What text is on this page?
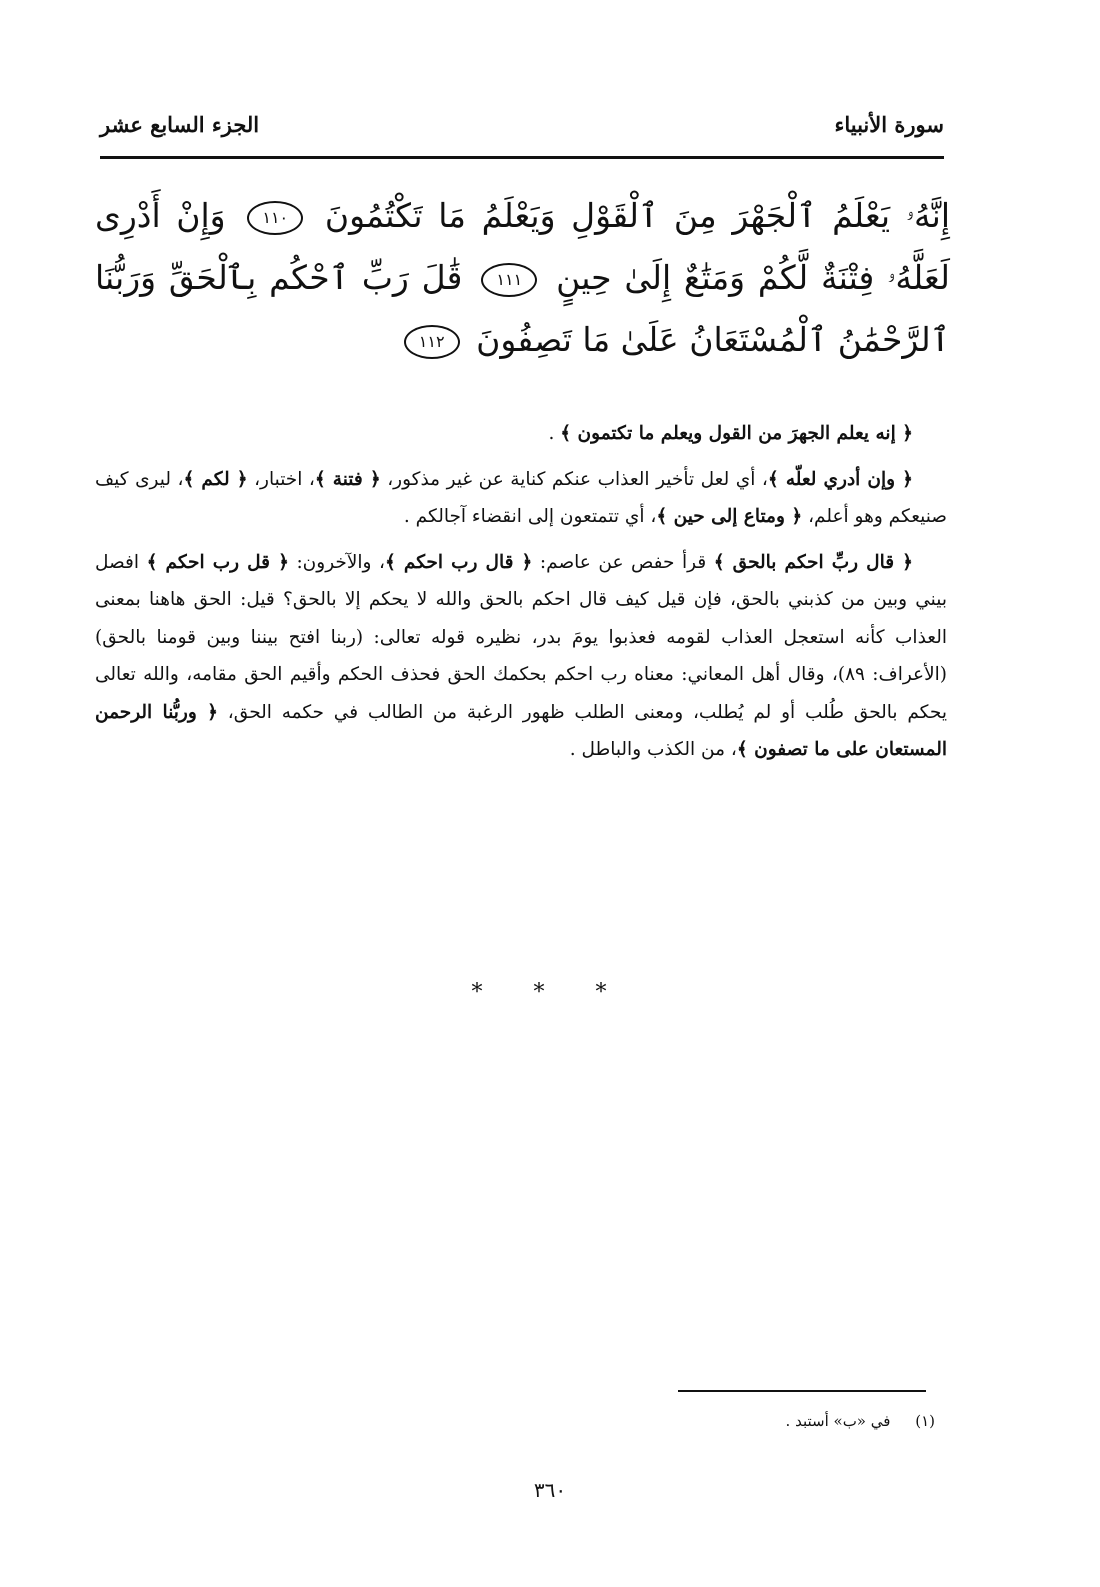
سورة الأنبياء
الجزء السابع عشر
إِنَّهُۥ يَعْلَمُ ٱلْجَهْرَ مِنَ ٱلْقَوْلِ وَيَعْلَمُ مَا تَكْتُمُونَ ١١٠ وَإِنْ أَدْرِى لَعَلَّهُۥ فِتْنَةٌ لَّكُمْ وَمَتَٰعٌ إِلَىٰ حِينٍ ١١١ قَٰلَ رَبِّ ٱحْكُم بِٱلْحَقِّ وَرَبُّنَا ٱلرَّحْمَٰنُ ٱلْمُسْتَعَانُ عَلَىٰ مَا تَصِفُونَ ١١٢

﴿ إنه يعلم الجهرَ من القول ويعلم ما تكتمون ﴾ .

﴿ وإن أدري لعلّه ﴾، أي لعل تأخير العذاب عنكم كناية عن غير مذكور، ﴿ فتنة ﴾، اختبار، ﴿ لكم ﴾، ليرى كيف صنيعكم وهو أعلم، ﴿ ومتاع إلى حين ﴾، أي تتمتعون إلى انقضاء آجالكم .

﴿ قال ربِّ احكم بالحق ﴾ قرأ حفص عن عاصم: ﴿ قال رب احكم ﴾، والآخرون: ﴿ قل رب احكم ﴾ افصل بيني وبين من كذبني بالحق، فإن قيل كيف قال احكم بالحق والله لا يحكم إلا بالحق؟ قيل: الحق هاهنا بمعنى العذاب كأنه استعجل العذاب لقومه فعذبوا يومَ بدر، نظيره قوله تعالى: (ربنا افتح بيننا وبين قومنا بالحق) (الأعراف: ٨٩)، وقال أهل المعاني: معناه رب احكم بحكمك الحق فحذف الحكم وأقيم الحق مقامه، والله تعالى يحكم بالحق طُلب أو لم يُطلب، ومعنى الطلب ظهور الرغبة من الطالب في حكمه الحق، ﴿ وربُّنا الرحمن المستعان على ما تصفون ﴾، من الكذب والباطل .

* * *
(١) في «ب» أستبد .
٣٦٠
